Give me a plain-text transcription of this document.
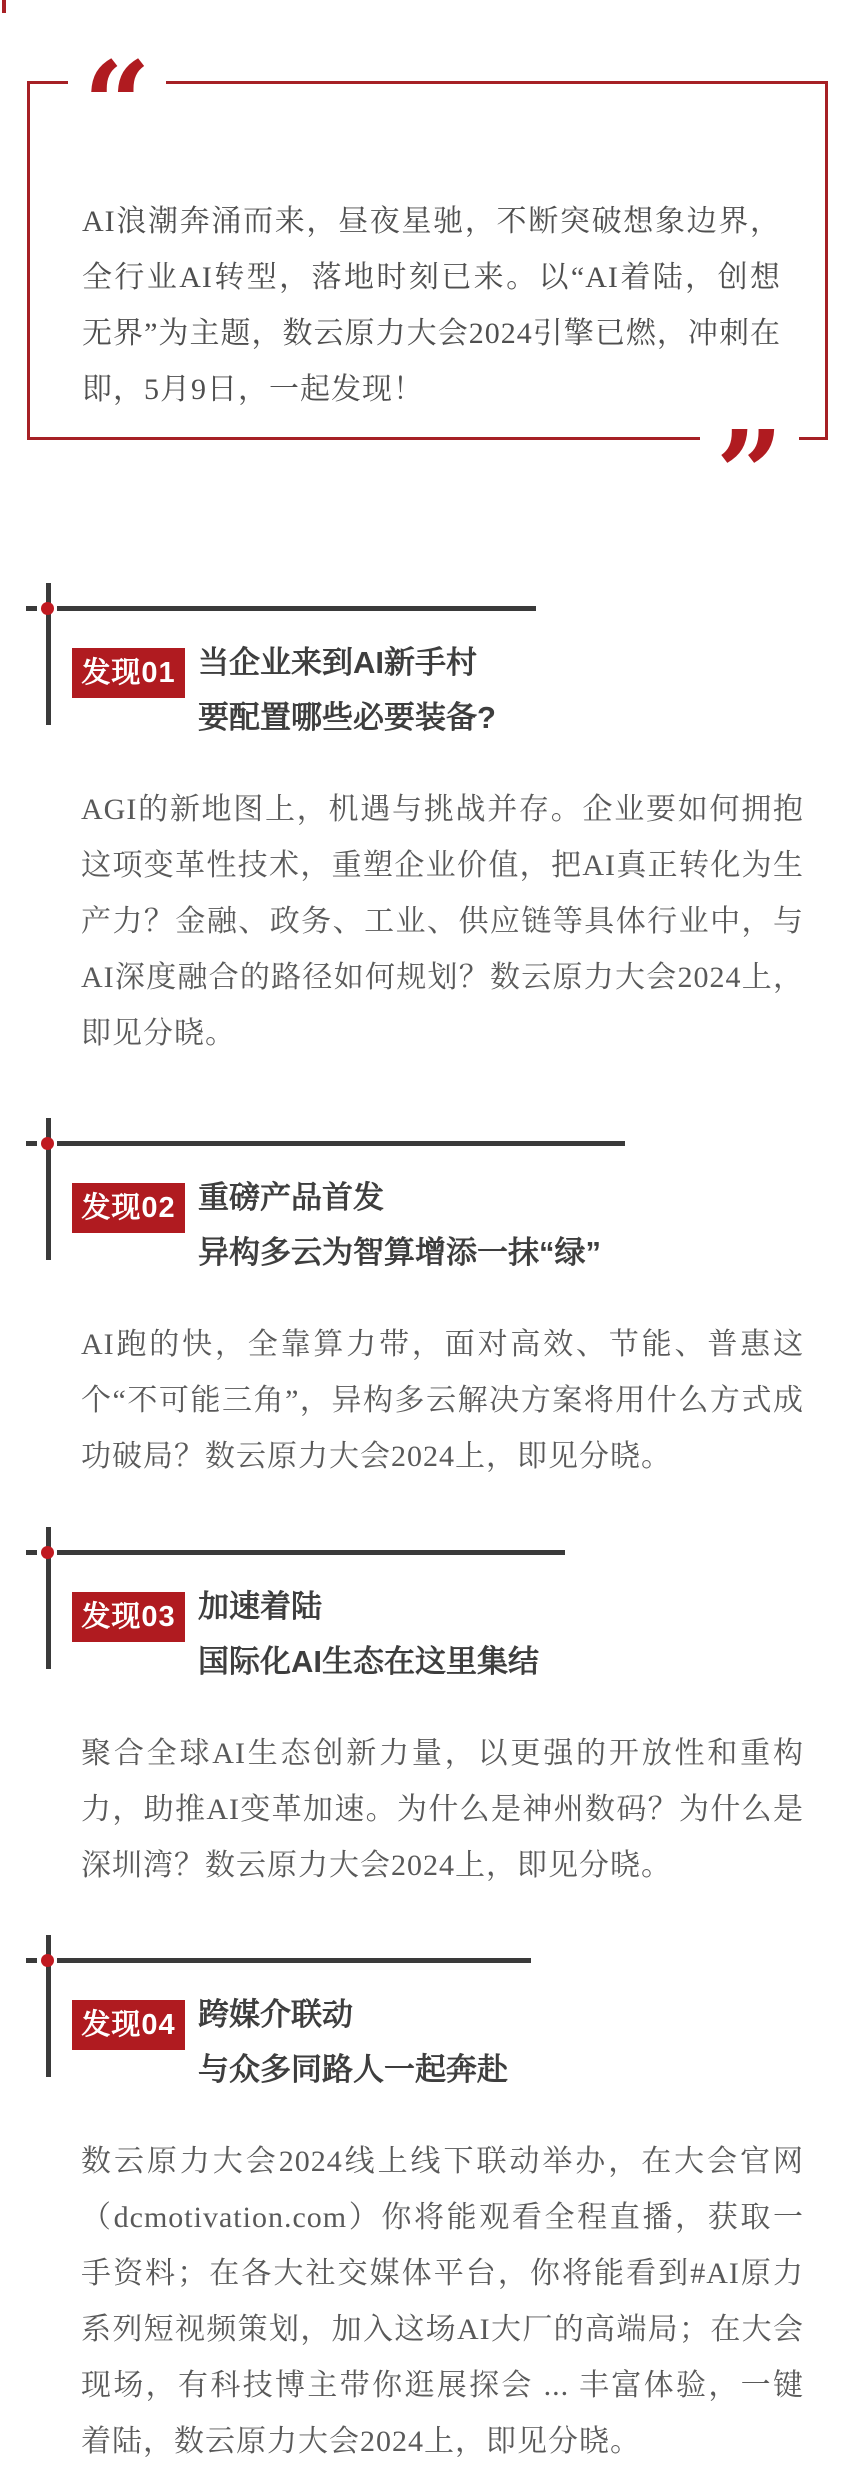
“

AI浪潮奔涌而来，昼夜星驰，不断突破想象边界，全行业AI转型，落地时刻已来。以“AI着陆，创想无界”为主题，数云原力大会2024引擎已燃，冲刺在即，5月9日，一起发现！

”
发现01 当企业来到AI新手村
要配置哪些必要装备?

AGI的新地图上，机遇与挑战并存。企业要如何拥抱这项变革性技术，重塑企业价值，把AI真正转化为生产力？金融、政务、工业、供应链等具体行业中，与AI深度融合的路径如何规划？数云原力大会2024上，即见分晓。

发现02 重磅产品首发
异构多云为智算增添一抹“绿”

AI跑的快，全靠算力带，面对高效、节能、普惠这个“不可能三角”，异构多云解决方案将用什么方式成功破局？数云原力大会2024上，即见分晓。

发现03 加速着陆
国际化AI生态在这里集结

聚合全球AI生态创新力量，以更强的开放性和重构力，助推AI变革加速。为什么是神州数码？为什么是深圳湾？数云原力大会2024上，即见分晓。

发现04 跨媒介联动
与众多同路人一起奔赴

数云原力大会2024线上线下联动举办，在大会官网（dcmotivation.com）你将能观看全程直播，获取一手资料；在各大社交媒体平台，你将能看到#AI原力系列短视频策划，加入这场AI大厂的高端局；在大会现场，有科技博主带你逛展探会 ... 丰富体验，一键着陆，数云原力大会2024上，即见分晓。
